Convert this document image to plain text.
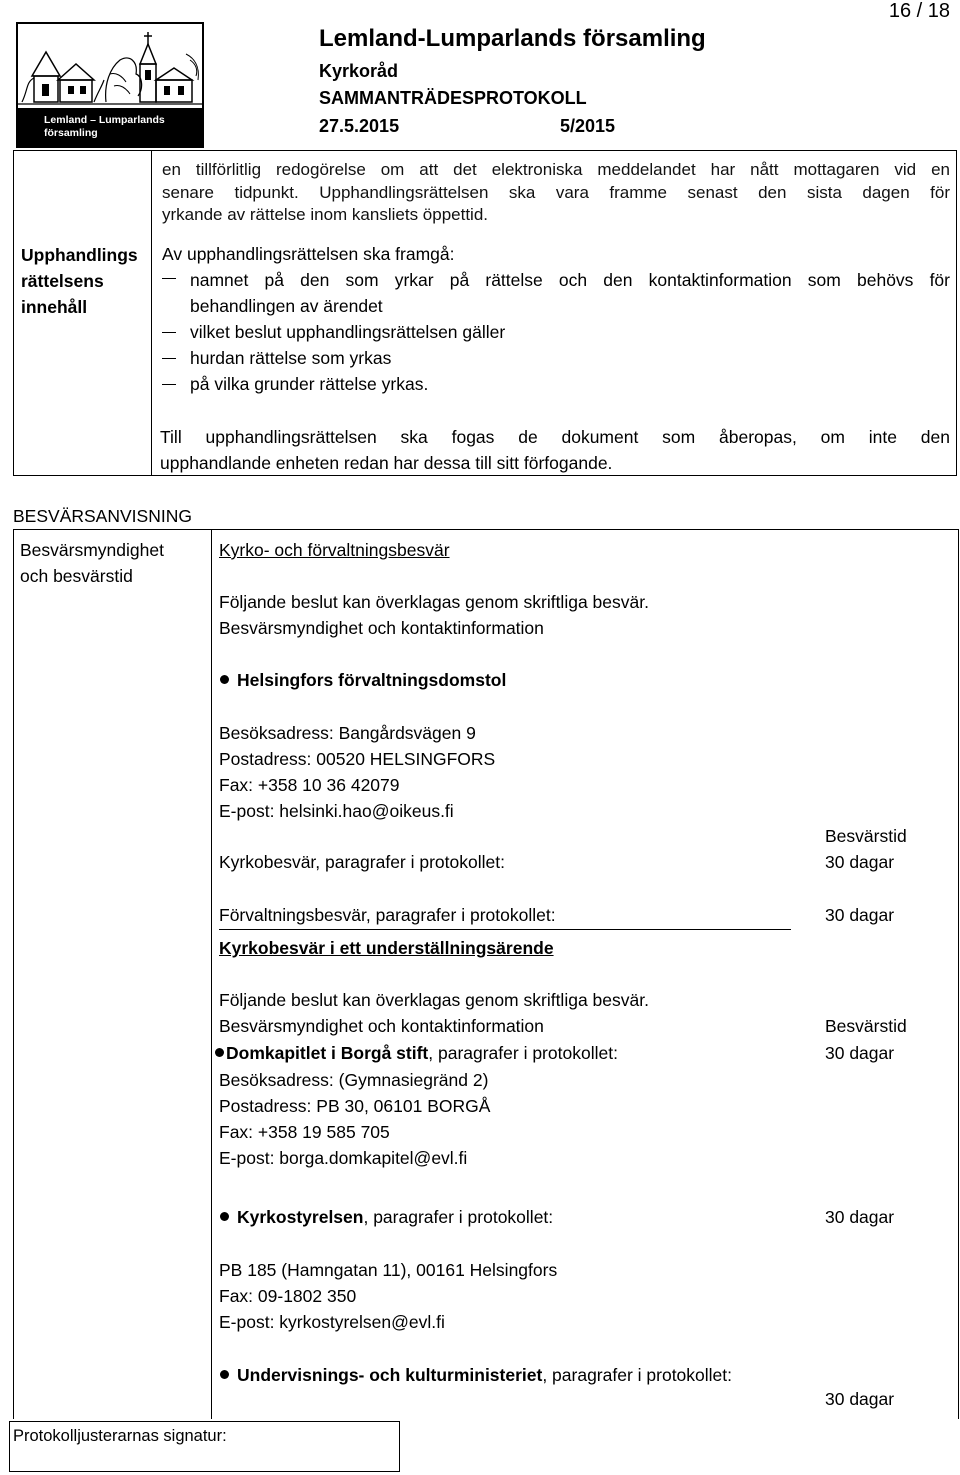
16 / 18
Lemland – Lumparlands
församling
Lemland-Lumparlands församling
Kyrkoråd
SAMMANTRÄDESPROTOKOLL
27.5.2015	5/2015
Upphandlings
rättelsens
innehåll
en tillförlitlig redogörelse om att det elektroniska meddelandet har nått mottagaren vid en
senare tidpunkt. Upphandlingsrättelsen ska vara framme senast den sista dagen för
yrkande av rättelse inom kansliets öppettid.
Av upphandlingsrättelsen ska framgå:
namnet på den som yrkar på rättelse och den kontaktinformation som behövs för
behandlingen av ärendet
vilket beslut upphandlingsrättelsen gäller
hurdan rättelse som yrkas
på vilka grunder rättelse yrkas.
Till upphandlingsrättelsen ska fogas de dokument som åberopas, om inte den
upphandlande enheten redan har dessa till sitt förfogande.
BESVÄRSANVISNING
Besvärsmyndighet
och besvärstid
Kyrko- och förvaltningsbesvär
Följande beslut kan överklagas genom skriftliga besvär.
Besvärsmyndighet och kontaktinformation
Helsingfors förvaltningsdomstol
Besöksadress: Bangårdsvägen 9
Postadress: 00520 HELSINGFORS
Fax: +358 10 36 42079
E-post: helsinki.hao@oikeus.fi
Besvärstid
Kyrkobesvär, paragrafer i protokollet:	30 dagar
Förvaltningsbesvär, paragrafer i protokollet:	30 dagar
Kyrkobesvär i ett underställningsärende
Följande beslut kan överklagas genom skriftliga besvär.
Besvärsmyndighet och kontaktinformation	Besvärstid
Domkapitlet i Borgå stift, paragrafer i protokollet:	30 dagar
Besöksadress: (Gymnasiegränd 2)
Postadress: PB 30, 06101 BORGÅ
Fax: +358 19 585 705
E-post: borga.domkapitel@evl.fi
Kyrkostyrelsen, paragrafer i protokollet:	30 dagar
PB 185 (Hamngatan 11), 00161 Helsingfors
Fax: 09-1802 350
E-post: kyrkostyrelsen@evl.fi
Undervisnings- och kulturministeriet, paragrafer i protokollet:
30 dagar
Protokolljusterarnas signatur:
